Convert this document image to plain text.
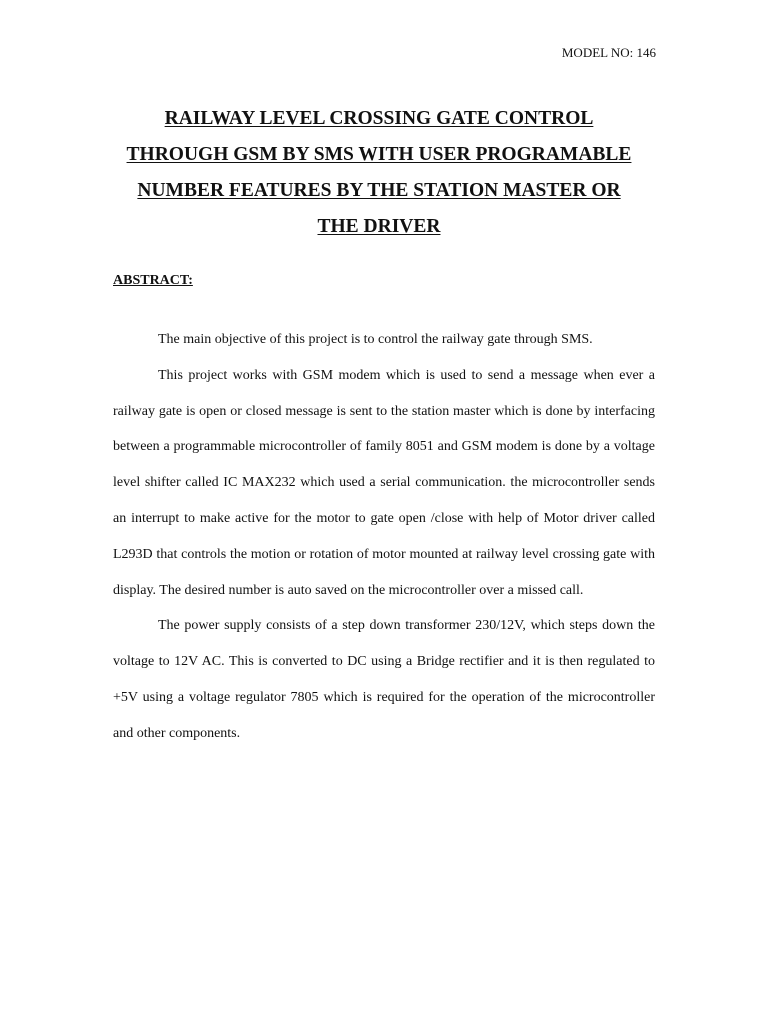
MODEL NO: 146
RAILWAY LEVEL CROSSING GATE CONTROL
THROUGH GSM BY SMS WITH USER PROGRAMABLE
NUMBER FEATURES BY THE STATION MASTER OR
THE DRIVER
ABSTRACT:

The main objective of this project is to control the railway gate through SMS.

This project works with GSM modem which is used to send a message when ever a railway gate is open or closed message is sent to the station master which is done by interfacing between a programmable microcontroller of family 8051 and GSM modem is done by a voltage level shifter called IC MAX232 which used a serial communication. the microcontroller sends an interrupt to make active for the motor to gate open /close with help of Motor driver called L293D that controls the motion or rotation of motor mounted at railway level crossing gate with display. The desired number is auto saved on the microcontroller over a missed call.

The power supply consists of a step down transformer 230/12V, which steps down the voltage to 12V AC. This is converted to DC using a Bridge rectifier and it is then regulated to +5V using a voltage regulator 7805 which is required for the operation of the microcontroller and other components.
